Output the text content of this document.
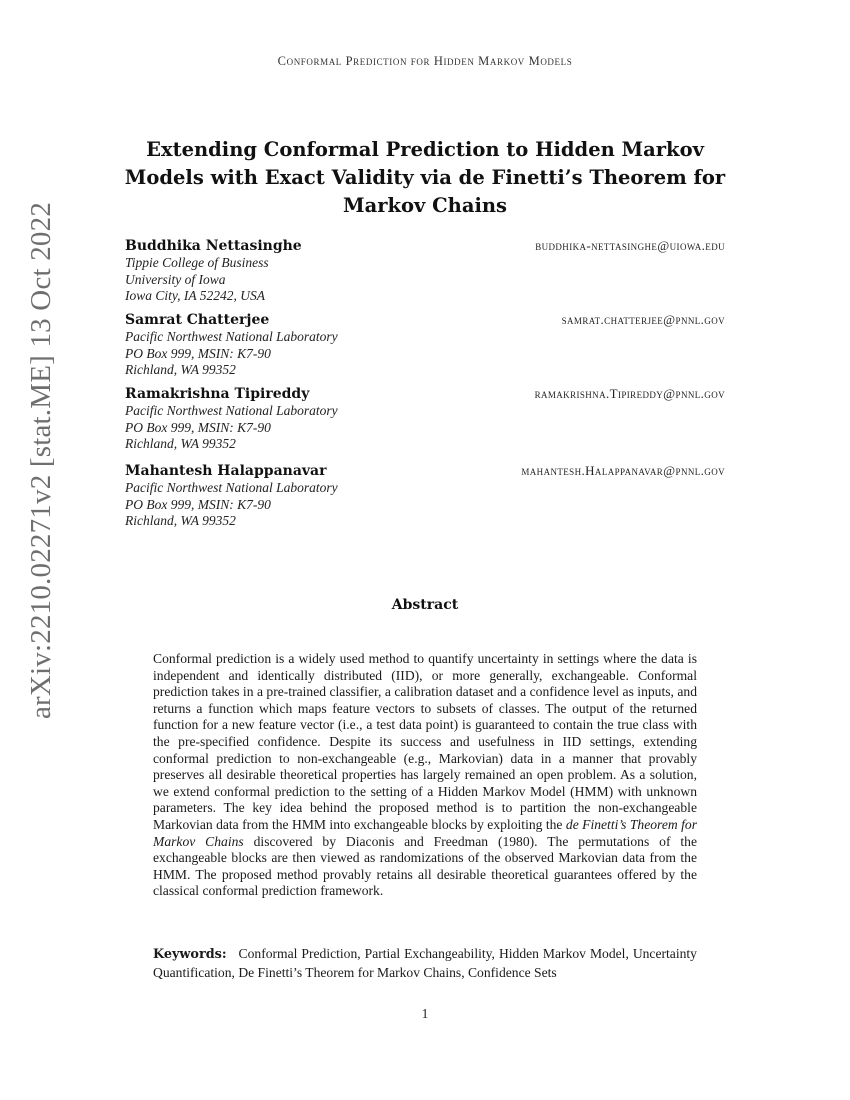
Conformal Prediction for Hidden Markov Models
arXiv:2210.02271v2 [stat.ME] 13 Oct 2022
Extending Conformal Prediction to Hidden Markov Models with Exact Validity via de Finetti’s Theorem for Markov Chains
Buddhika Nettasinghe	buddhika-nettasinghe@uiowa.edu
Tippie College of Business
University of Iowa
Iowa City, IA 52242, USA
Samrat Chatterjee	samrat.chatterjee@pnnl.gov
Pacific Northwest National Laboratory
PO Box 999, MSIN: K7-90
Richland, WA 99352
Ramakrishna Tipireddy	ramakrishna.Tipireddy@pnnl.gov
Pacific Northwest National Laboratory
PO Box 999, MSIN: K7-90
Richland, WA 99352
Mahantesh Halappanavar	mahantesh.Halappanavar@pnnl.gov
Pacific Northwest National Laboratory
PO Box 999, MSIN: K7-90
Richland, WA 99352
Abstract
Conformal prediction is a widely used method to quantify uncertainty in settings where the data is independent and identically distributed (IID), or more generally, exchangeable. Conformal prediction takes in a pre-trained classifier, a calibration dataset and a confidence level as inputs, and returns a function which maps feature vectors to subsets of classes. The output of the returned function for a new feature vector (i.e., a test data point) is guaranteed to contain the true class with the pre-specified confidence. Despite its success and usefulness in IID settings, extending conformal prediction to non-exchangeable (e.g., Markovian) data in a manner that provably preserves all desirable theoretical properties has largely remained an open problem. As a solution, we extend conformal prediction to the setting of a Hidden Markov Model (HMM) with unknown parameters. The key idea behind the proposed method is to partition the non-exchangeable Markovian data from the HMM into exchangeable blocks by exploiting the de Finetti’s Theorem for Markov Chains discovered by Diaconis and Freedman (1980). The permutations of the exchangeable blocks are then viewed as randomizations of the observed Markovian data from the HMM. The proposed method provably retains all desirable theoretical guarantees offered by the classical conformal prediction framework.
Keywords: Conformal Prediction, Partial Exchangeability, Hidden Markov Model, Uncertainty Quantification, De Finetti’s Theorem for Markov Chains, Confidence Sets
1
